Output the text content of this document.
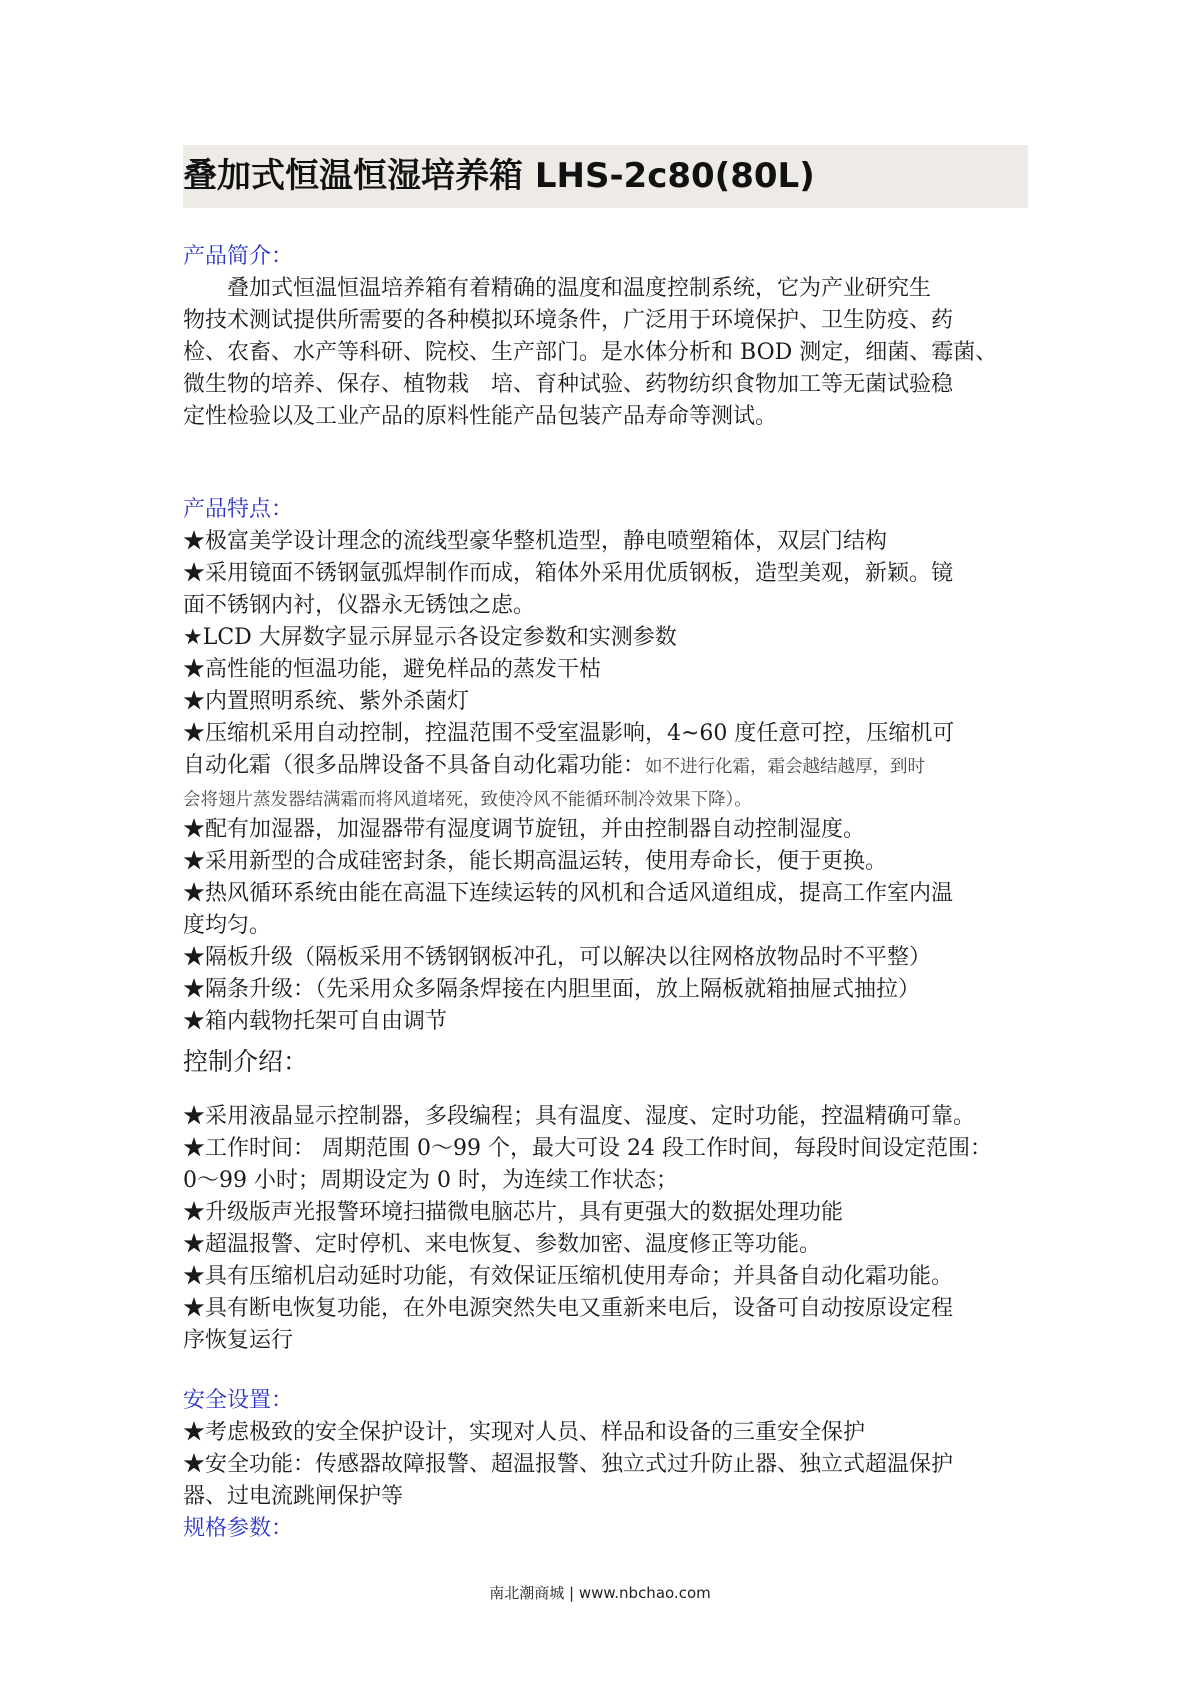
叠加式恒温恒湿培养箱 LHS-2c80(80L)
产品简介：
　　叠加式恒温恒温培养箱有着精确的温度和温度控制系统，它为产业研究生
物技术测试提供所需要的各种模拟环境条件，广泛用于环境保护、卫生防疫、药
检、农畜、水产等科研、院校、生产部门。是水体分析和 BOD 测定，细菌、霉菌、
微生物的培养、保存、植物栽　培、育种试验、药物纺织食物加工等无菌试验稳
定性检验以及工业产品的原料性能产品包装产品寿命等测试。
产品特点：
★极富美学设计理念的流线型豪华整机造型，静电喷塑箱体，双层门结构
★采用镜面不锈钢氩弧焊制作而成，箱体外采用优质钢板，造型美观，新颖。镜
面不锈钢内衬，仪器永无锈蚀之虑。
★LCD 大屏数字显示屏显示各设定参数和实测参数
★高性能的恒温功能，避免样品的蒸发干枯
★内置照明系统、紫外杀菌灯
★压缩机采用自动控制，控温范围不受室温影响，4~60 度任意可控，压缩机可
自动化霜（很多品牌设备不具备自动化霜功能：如不进行化霜，霜会越结越厚，到时
会将翅片蒸发器结满霜而将风道堵死，致使冷风不能循环制冷效果下降）。
★配有加湿器，加湿器带有湿度调节旋钮，并由控制器自动控制湿度。
★采用新型的合成硅密封条，能长期高温运转，使用寿命长，便于更换。
★热风循环系统由能在高温下连续运转的风机和合适风道组成，提高工作室内温
度均匀。
★隔板升级（隔板采用不锈钢钢板冲孔，可以解决以往网格放物品时不平整）
★隔条升级：（先采用众多隔条焊接在内胆里面，放上隔板就箱抽屉式抽拉）
★箱内载物托架可自由调节
控制介绍：
★采用液晶显示控制器，多段编程；具有温度、湿度、定时功能，控温精确可靠。
★工作时间： 周期范围 0～99 个，最大可设 24 段工作时间，每段时间设定范围：
0～99 小时；周期设定为 0 时，为连续工作状态；
★升级版声光报警环境扫描微电脑芯片，具有更强大的数据处理功能
★超温报警、定时停机、来电恢复、参数加密、温度修正等功能。
★具有压缩机启动延时功能，有效保证压缩机使用寿命；并具备自动化霜功能。
★具有断电恢复功能，在外电源突然失电又重新来电后，设备可自动按原设定程
序恢复运行
安全设置：
★考虑极致的安全保护设计，实现对人员、样品和设备的三重安全保护
★安全功能：传感器故障报警、超温报警、独立式过升防止器、独立式超温保护
器、过电流跳闸保护等
规格参数：
南北潮商城 | www.nbchao.com
